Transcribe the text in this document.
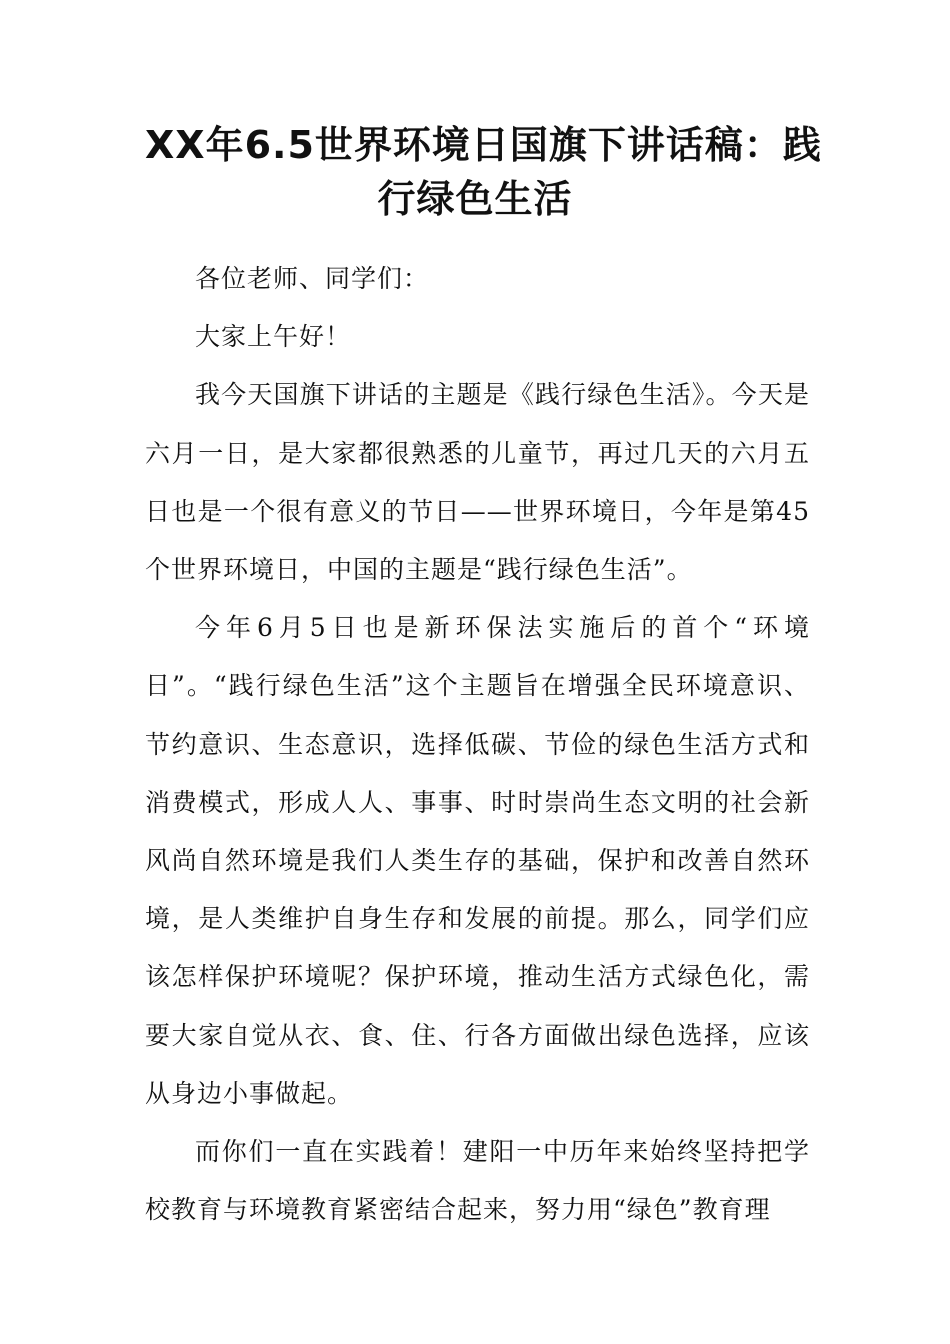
XX年6.5世界环境日国旗下讲话稿：践
行绿色生活

各位老师、同学们：

大家上午好！

我今天国旗下讲话的主题是《践行绿色生活》。今天是六月一日，是大家都很熟悉的儿童节，再过几天的六月五日也是一个很有意义的节日——世界环境日，今年是第45个世界环境日，中国的主题是“践行绿色生活”。

今年6月5日也是新环保法实施后的首个“环境日”。“践行绿色生活”这个主题旨在增强全民环境意识、节约意识、生态意识，选择低碳、节俭的绿色生活方式和消费模式，形成人人、事事、时时崇尚生态文明的社会新风尚自然环境是我们人类生存的基础，保护和改善自然环境，是人类维护自身生存和发展的前提。那么，同学们应该怎样保护环境呢？保护环境，推动生活方式绿色化，需要大家自觉从衣、食、住、行各方面做出绿色选择，应该从身边小事做起。

而你们一直在实践着！建阳一中历年来始终坚持把学校教育与环境教育紧密结合起来，努力用“绿色”教育理
